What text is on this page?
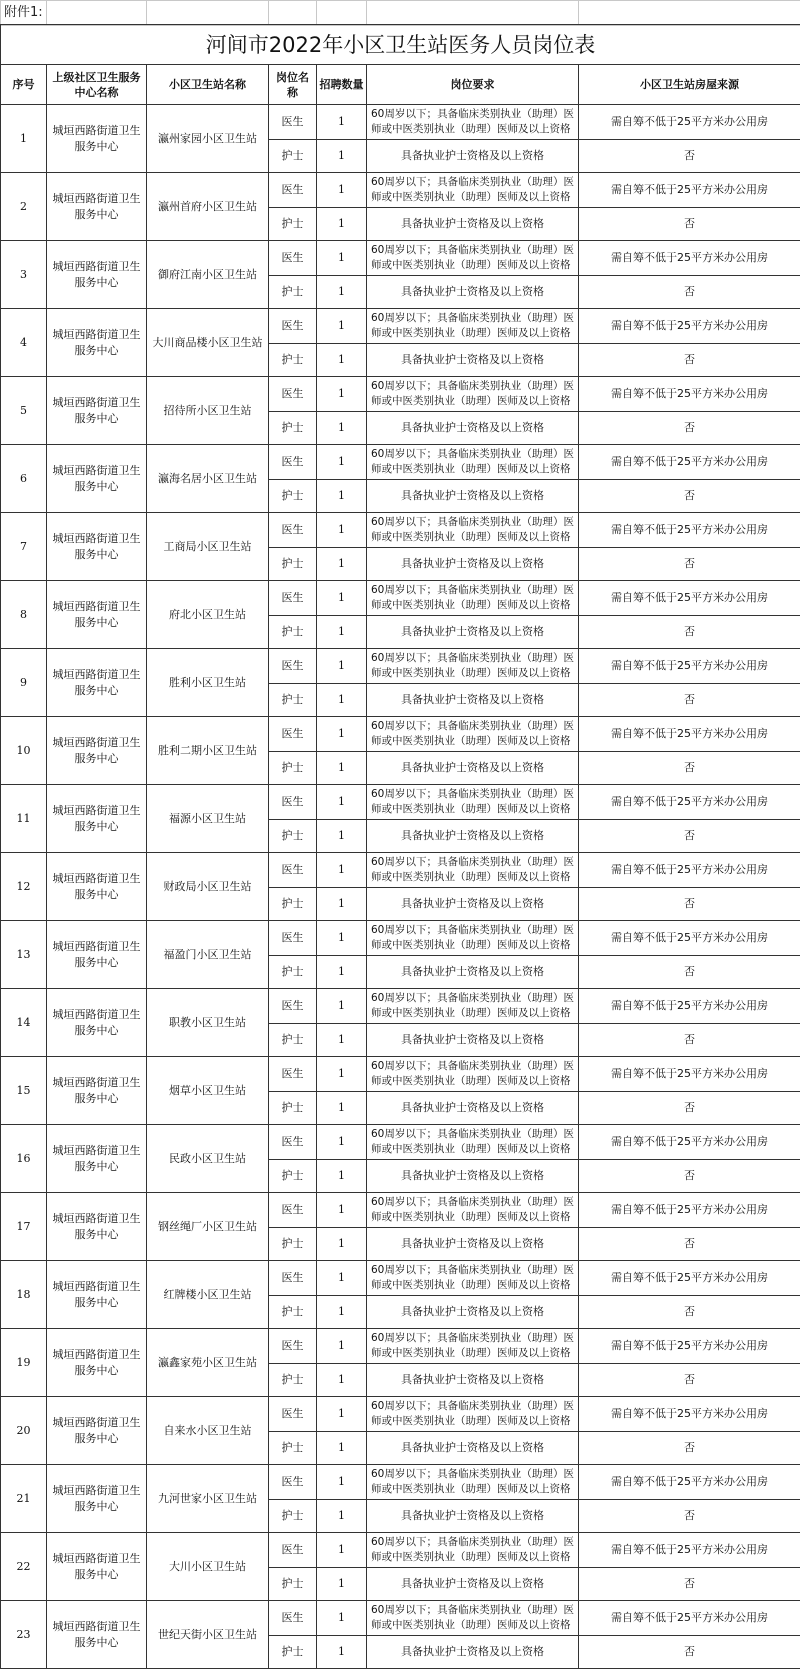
附件1:						
河间市2022年小区卫生站医务人员岗位表						
序号	上级社区卫生服务中心名称	小区卫生站名称	岗位名称	招聘数量	岗位要求	小区卫生站房屋来源
1	城垣西路街道卫生服务中心	瀛州家园小区卫生站	医生	1	60周岁以下；具备临床类别执业（助理）医师或中医类别执业（助理）医师及以上资格	需自筹不低于25平方米办公用房
			护士	1	具备执业护士资格及以上资格	否
2	城垣西路街道卫生服务中心	瀛州首府小区卫生站	医生	1	60周岁以下；具备临床类别执业（助理）医师或中医类别执业（助理）医师及以上资格	需自筹不低于25平方米办公用房
			护士	1	具备执业护士资格及以上资格	否
3	城垣西路街道卫生服务中心	御府江南小区卫生站	医生	1	60周岁以下；具备临床类别执业（助理）医师或中医类别执业（助理）医师及以上资格	需自筹不低于25平方米办公用房
			护士	1	具备执业护士资格及以上资格	否
4	城垣西路街道卫生服务中心	大川商品楼小区卫生站	医生	1	60周岁以下；具备临床类别执业（助理）医师或中医类别执业（助理）医师及以上资格	需自筹不低于25平方米办公用房
			护士	1	具备执业护士资格及以上资格	否
5	城垣西路街道卫生服务中心	招待所小区卫生站	医生	1	60周岁以下；具备临床类别执业（助理）医师或中医类别执业（助理）医师及以上资格	需自筹不低于25平方米办公用房
			护士	1	具备执业护士资格及以上资格	否
6	城垣西路街道卫生服务中心	瀛海名居小区卫生站	医生	1	60周岁以下；具备临床类别执业（助理）医师或中医类别执业（助理）医师及以上资格	需自筹不低于25平方米办公用房
			护士	1	具备执业护士资格及以上资格	否
7	城垣西路街道卫生服务中心	工商局小区卫生站	医生	1	60周岁以下；具备临床类别执业（助理）医师或中医类别执业（助理）医师及以上资格	需自筹不低于25平方米办公用房
			护士	1	具备执业护士资格及以上资格	否
8	城垣西路街道卫生服务中心	府北小区卫生站	医生	1	60周岁以下；具备临床类别执业（助理）医师或中医类别执业（助理）医师及以上资格	需自筹不低于25平方米办公用房
			护士	1	具备执业护士资格及以上资格	否
9	城垣西路街道卫生服务中心	胜利小区卫生站	医生	1	60周岁以下；具备临床类别执业（助理）医师或中医类别执业（助理）医师及以上资格	需自筹不低于25平方米办公用房
			护士	1	具备执业护士资格及以上资格	否
10	城垣西路街道卫生服务中心	胜利二期小区卫生站	医生	1	60周岁以下；具备临床类别执业（助理）医师或中医类别执业（助理）医师及以上资格	需自筹不低于25平方米办公用房
			护士	1	具备执业护士资格及以上资格	否
11	城垣西路街道卫生服务中心	福源小区卫生站	医生	1	60周岁以下；具备临床类别执业（助理）医师或中医类别执业（助理）医师及以上资格	需自筹不低于25平方米办公用房
			护士	1	具备执业护士资格及以上资格	否
12	城垣西路街道卫生服务中心	财政局小区卫生站	医生	1	60周岁以下；具备临床类别执业（助理）医师或中医类别执业（助理）医师及以上资格	需自筹不低于25平方米办公用房
			护士	1	具备执业护士资格及以上资格	否
13	城垣西路街道卫生服务中心	福盈门小区卫生站	医生	1	60周岁以下；具备临床类别执业（助理）医师或中医类别执业（助理）医师及以上资格	需自筹不低于25平方米办公用房
			护士	1	具备执业护士资格及以上资格	否
14	城垣西路街道卫生服务中心	职教小区卫生站	医生	1	60周岁以下；具备临床类别执业（助理）医师或中医类别执业（助理）医师及以上资格	需自筹不低于25平方米办公用房
			护士	1	具备执业护士资格及以上资格	否
15	城垣西路街道卫生服务中心	烟草小区卫生站	医生	1	60周岁以下；具备临床类别执业（助理）医师或中医类别执业（助理）医师及以上资格	需自筹不低于25平方米办公用房
			护士	1	具备执业护士资格及以上资格	否
16	城垣西路街道卫生服务中心	民政小区卫生站	医生	1	60周岁以下；具备临床类别执业（助理）医师或中医类别执业（助理）医师及以上资格	需自筹不低于25平方米办公用房
			护士	1	具备执业护士资格及以上资格	否
17	城垣西路街道卫生服务中心	钢丝绳厂小区卫生站	医生	1	60周岁以下；具备临床类别执业（助理）医师或中医类别执业（助理）医师及以上资格	需自筹不低于25平方米办公用房
			护士	1	具备执业护士资格及以上资格	否
18	城垣西路街道卫生服务中心	红牌楼小区卫生站	医生	1	60周岁以下；具备临床类别执业（助理）医师或中医类别执业（助理）医师及以上资格	需自筹不低于25平方米办公用房
			护士	1	具备执业护士资格及以上资格	否
19	城垣西路街道卫生服务中心	瀛鑫家苑小区卫生站	医生	1	60周岁以下；具备临床类别执业（助理）医师或中医类别执业（助理）医师及以上资格	需自筹不低于25平方米办公用房
			护士	1	具备执业护士资格及以上资格	否
20	城垣西路街道卫生服务中心	自来水小区卫生站	医生	1	60周岁以下；具备临床类别执业（助理）医师或中医类别执业（助理）医师及以上资格	需自筹不低于25平方米办公用房
			护士	1	具备执业护士资格及以上资格	否
21	城垣西路街道卫生服务中心	九河世家小区卫生站	医生	1	60周岁以下；具备临床类别执业（助理）医师或中医类别执业（助理）医师及以上资格	需自筹不低于25平方米办公用房
			护士	1	具备执业护士资格及以上资格	否
22	城垣西路街道卫生服务中心	大川小区卫生站	医生	1	60周岁以下；具备临床类别执业（助理）医师或中医类别执业（助理）医师及以上资格	需自筹不低于25平方米办公用房
			护士	1	具备执业护士资格及以上资格	否
23	城垣西路街道卫生服务中心	世纪天街小区卫生站	医生	1	60周岁以下；具备临床类别执业（助理）医师或中医类别执业（助理）医师及以上资格	需自筹不低于25平方米办公用房
			护士	1	具备执业护士资格及以上资格	否
